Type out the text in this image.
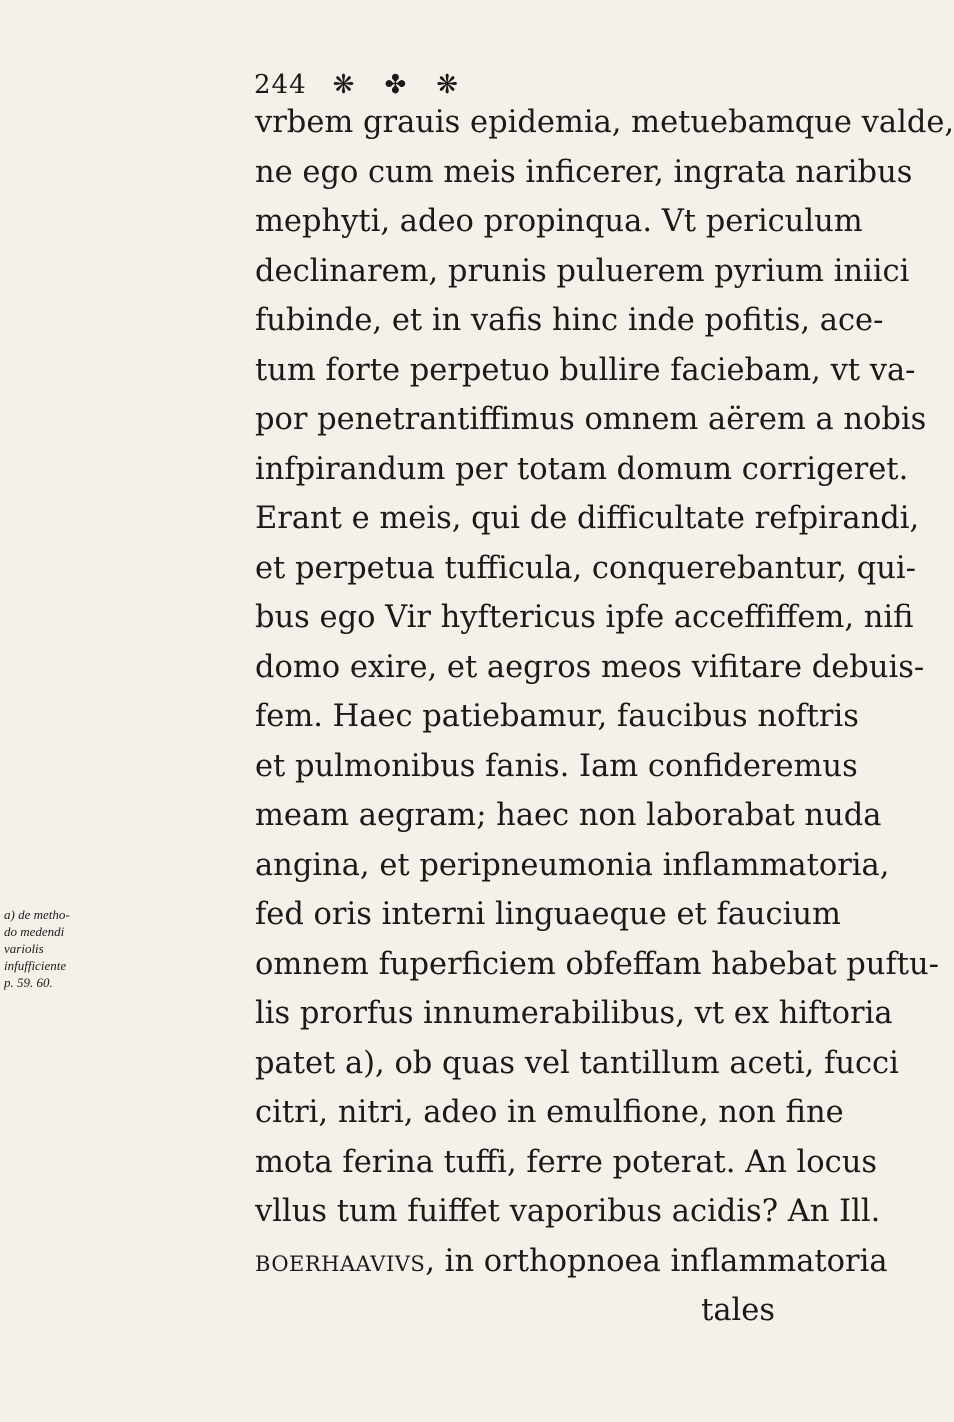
244 ❋ ✤ ❋
vrbem grauis epidemia, metuebamque valde,
ne ego cum meis inficerer, ingrata naribus
mephyti, adeo propinqua. Vt periculum
declinarem, prunis puluerem pyrium iniici
fubinde, et in vafis hinc inde pofitis, ace-
tum forte perpetuo bullire faciebam, vt va-
por penetrantiffimus omnem aërem a nobis
infpirandum per totam domum corrigeret.
Erant e meis, qui de difficultate refpirandi,
et perpetua tufficula, conquerebantur, qui-
bus ego Vir hyftericus ipfe acceffiffem, nifi
domo exire, et aegros meos vifitare debuis-
fem. Haec patiebamur, faucibus noftris
et pulmonibus fanis. Iam confideremus
meam aegram; haec non laborabat nuda
angina, et peripneumonia inflammatoria,
fed oris interni linguaeque et faucium
omnem fuperficiem obfeffam habebat puftu-
lis prorfus innumerabilibus, vt ex hiftoria
patet a), ob quas vel tantillum aceti, fucci
citri, nitri, adeo in emulfione, non fine
mota ferina tuffi, ferre poterat. An locus
vllus tum fuiffet vaporibus acidis? An Ill.
boerhaavivs, in orthopnoea inflammatoria
tales
a) de metho-
do medendi
variolis
infufficiente
p. 59. 60.
